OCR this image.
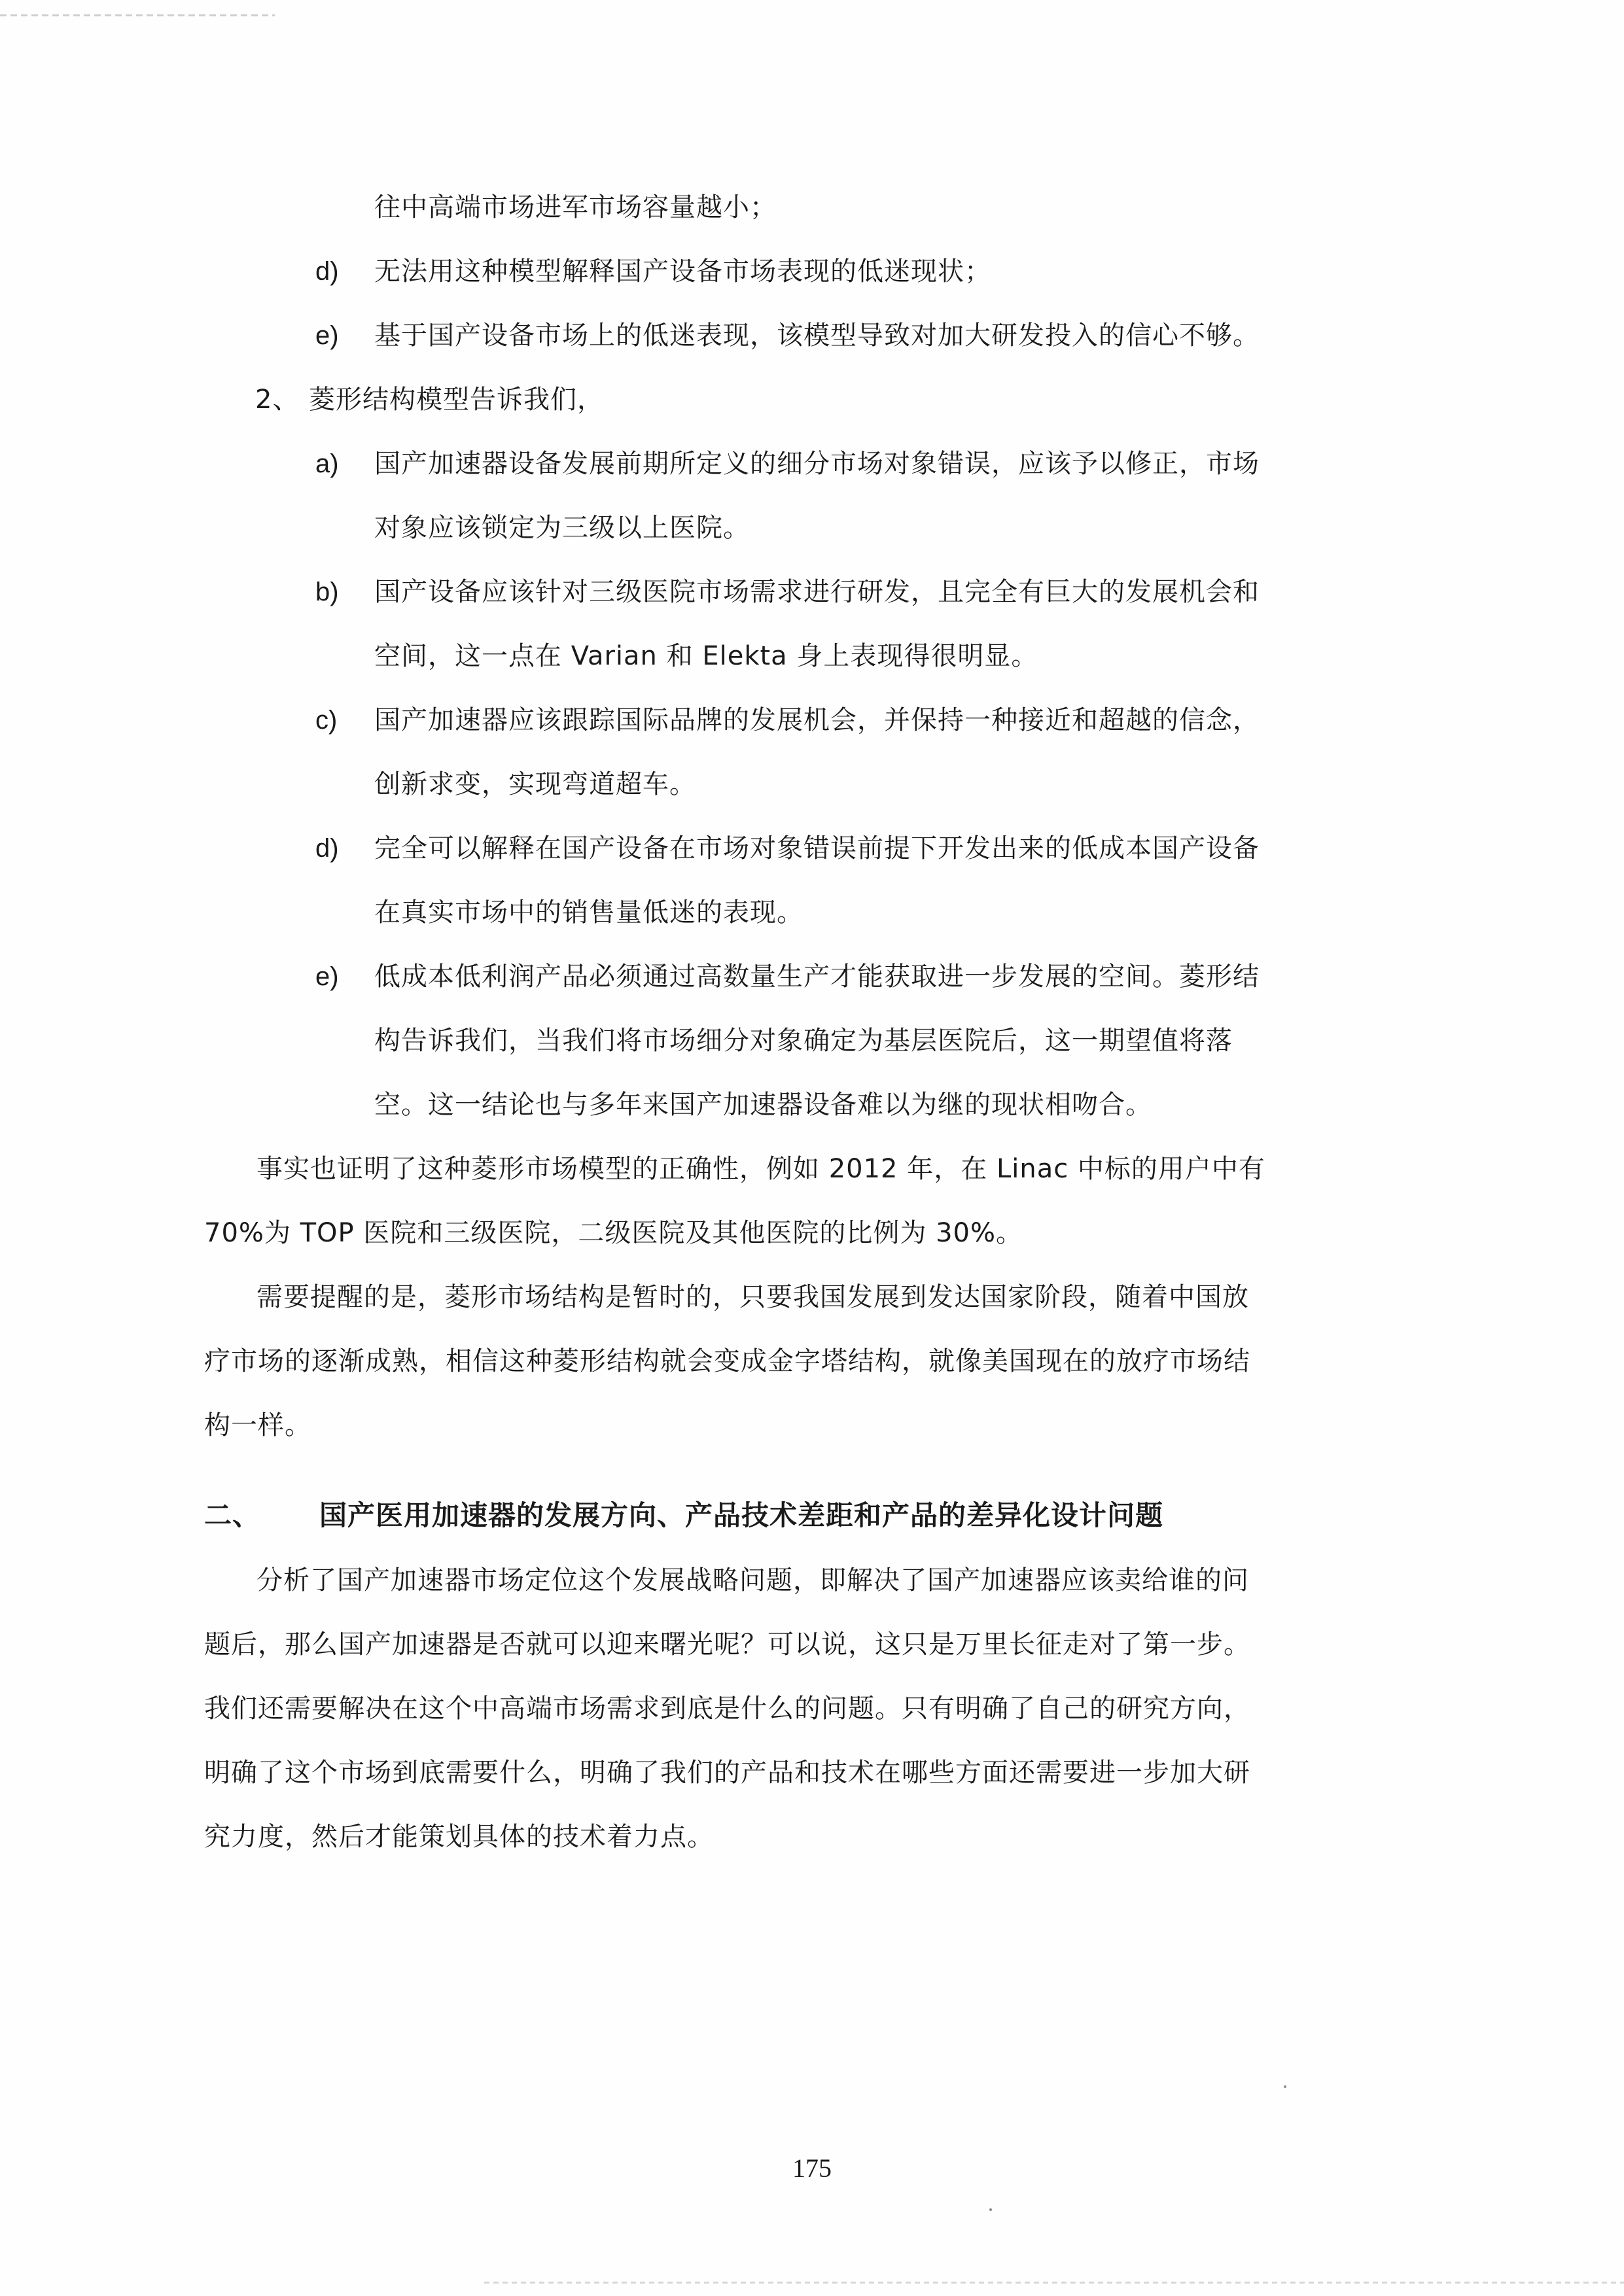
往中高端市场进军市场容量越小；
d) 无法用这种模型解释国产设备市场表现的低迷现状；
e) 基于国产设备市场上的低迷表现，该模型导致对加大研发投入的信心不够。
2、 菱形结构模型告诉我们，
a) 国产加速器设备发展前期所定义的细分市场对象错误，应该予以修正，市场
对象应该锁定为三级以上医院。
b) 国产设备应该针对三级医院市场需求进行研发，且完全有巨大的发展机会和
空间，这一点在 Varian 和 Elekta 身上表现得很明显。
c) 国产加速器应该跟踪国际品牌的发展机会，并保持一种接近和超越的信念，
创新求变，实现弯道超车。
d) 完全可以解释在国产设备在市场对象错误前提下开发出来的低成本国产设备
在真实市场中的销售量低迷的表现。
e) 低成本低利润产品必须通过高数量生产才能获取进一步发展的空间。菱形结
构告诉我们，当我们将市场细分对象确定为基层医院后，这一期望值将落
空。这一结论也与多年来国产加速器设备难以为继的现状相吻合。
事实也证明了这种菱形市场模型的正确性，例如 2012 年，在 Linac 中标的用户中有
70%为 TOP 医院和三级医院，二级医院及其他医院的比例为 30%。
需要提醒的是，菱形市场结构是暂时的，只要我国发展到发达国家阶段，随着中国放
疗市场的逐渐成熟，相信这种菱形结构就会变成金字塔结构，就像美国现在的放疗市场结
构一样。
二、 国产医用加速器的发展方向、产品技术差距和产品的差异化设计问题
分析了国产加速器市场定位这个发展战略问题，即解决了国产加速器应该卖给谁的问
题后，那么国产加速器是否就可以迎来曙光呢？可以说，这只是万里长征走对了第一步。
我们还需要解决在这个中高端市场需求到底是什么的问题。只有明确了自己的研究方向，
明确了这个市场到底需要什么，明确了我们的产品和技术在哪些方面还需要进一步加大研
究力度，然后才能策划具体的技术着力点。
175
